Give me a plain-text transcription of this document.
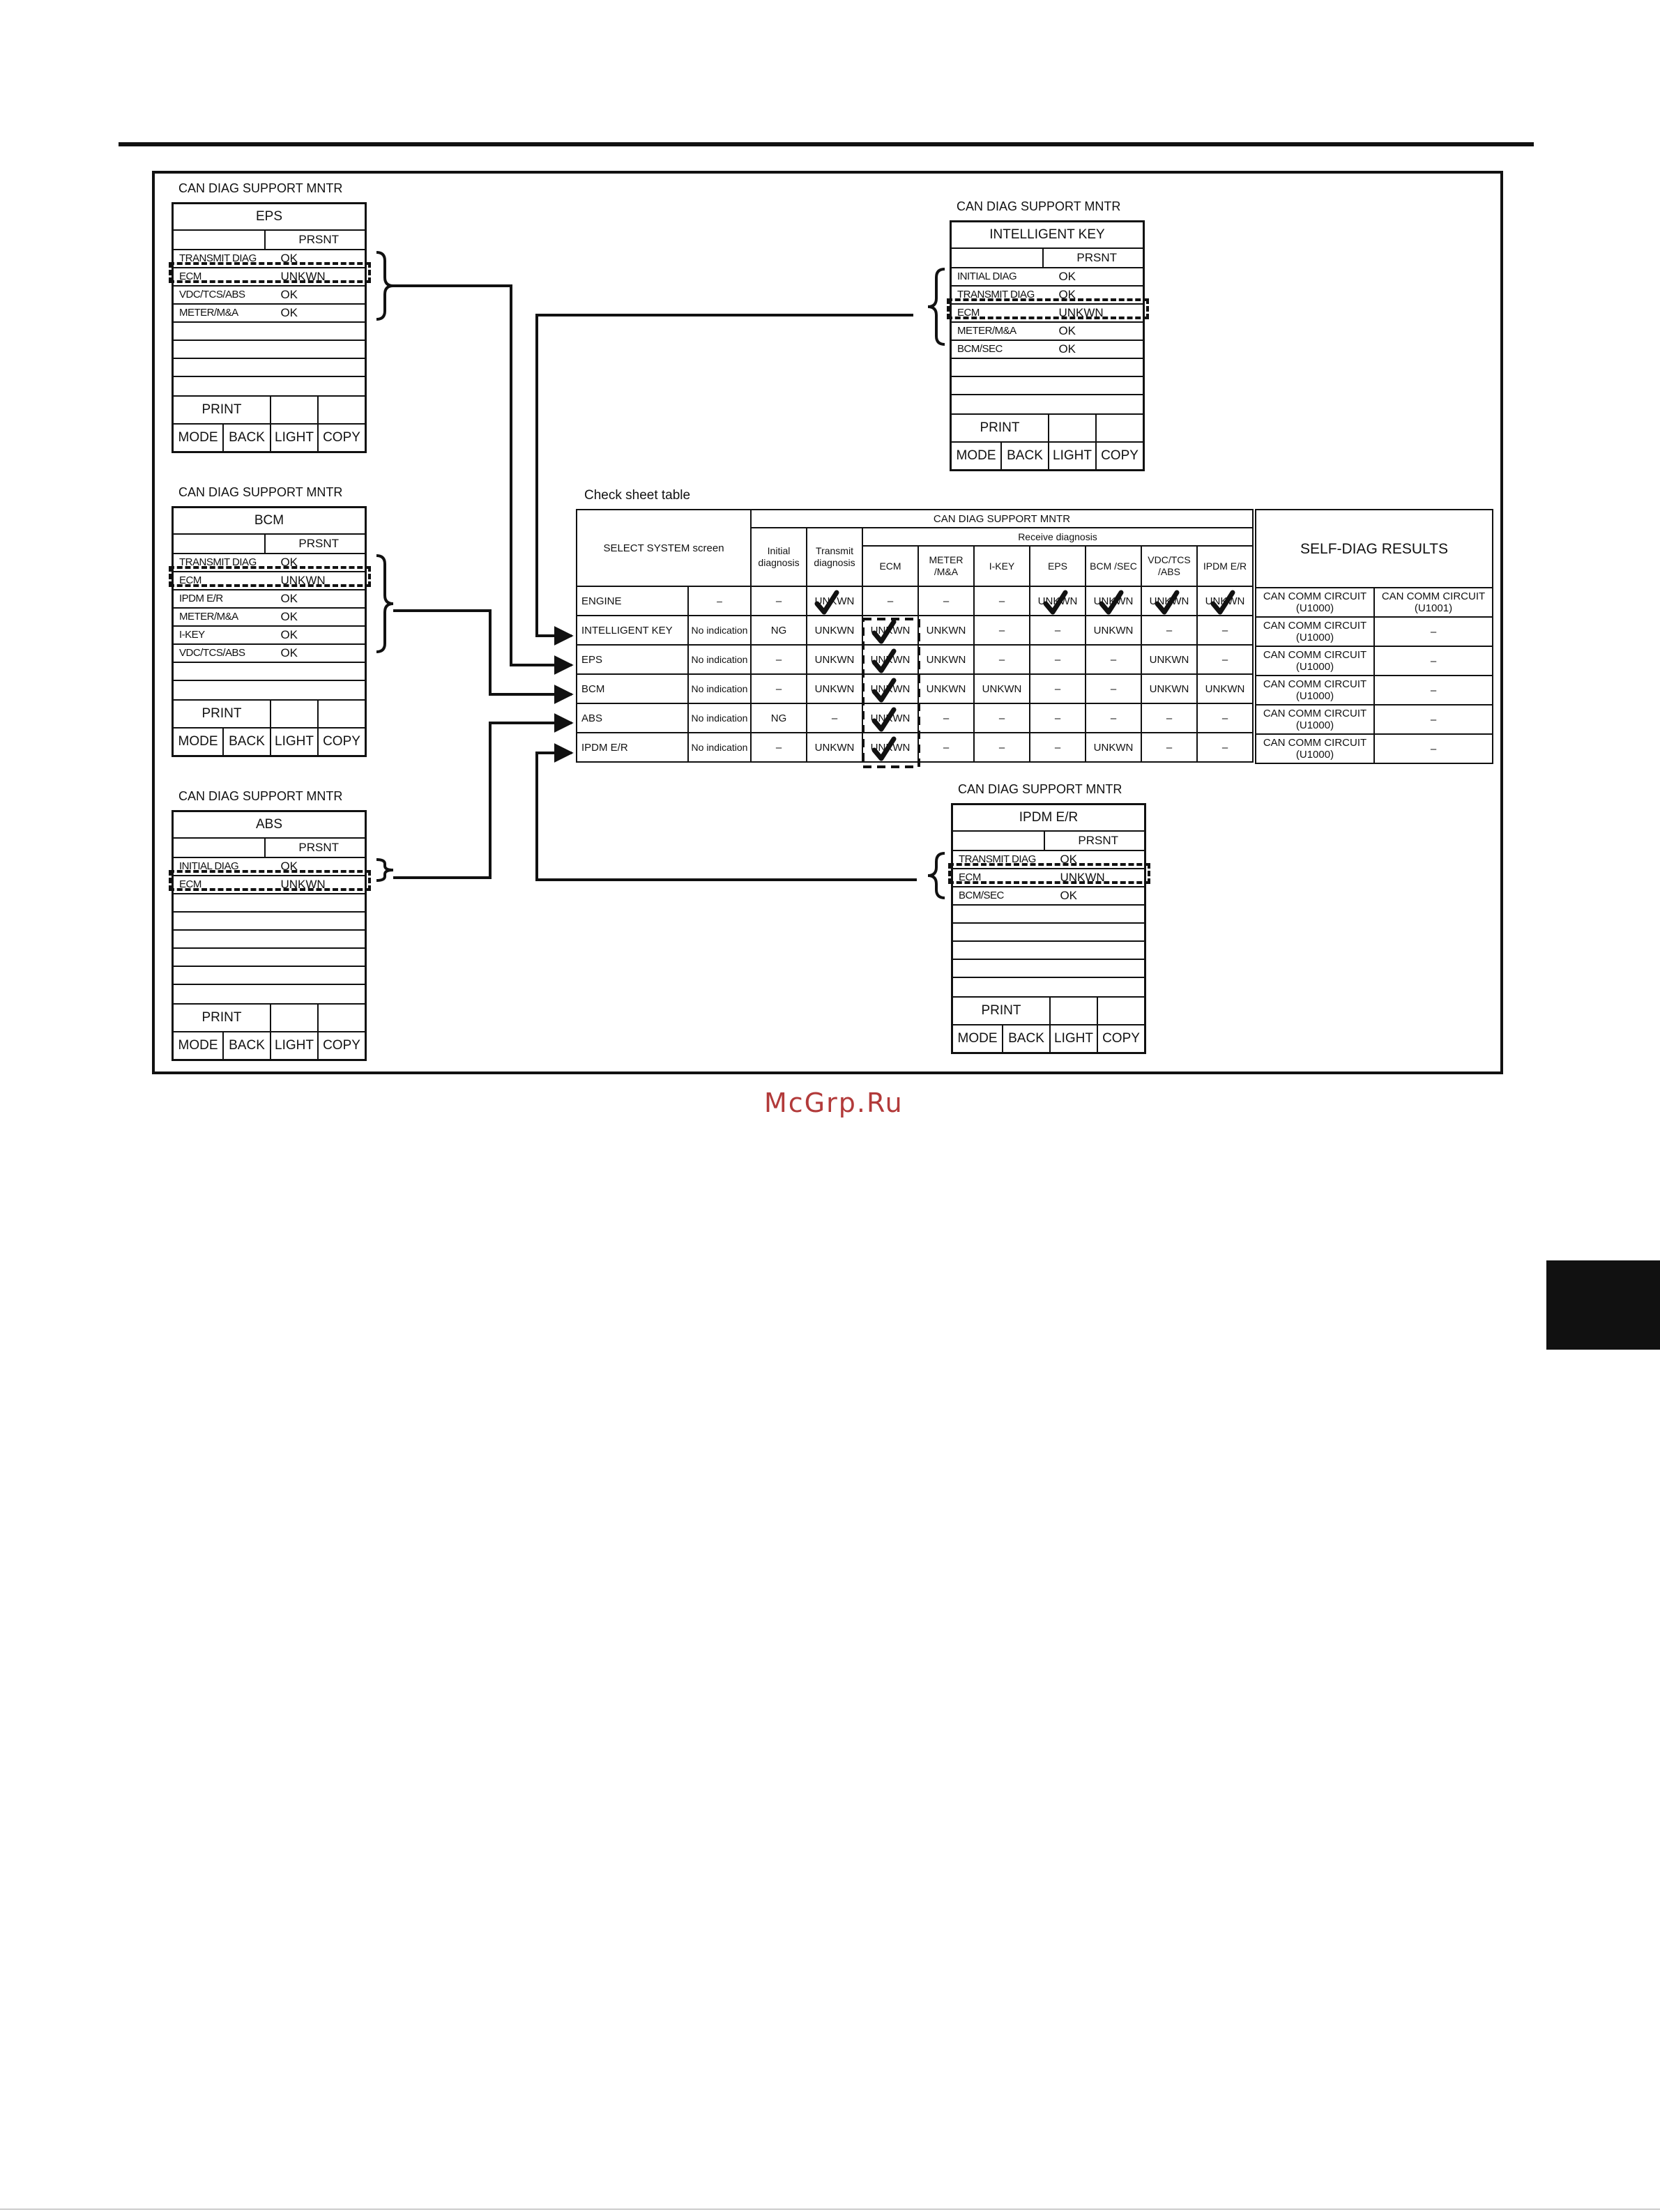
CAN DIAG SUPPORT MNTR
EPS
PRSNT
TRANSMIT DIAG OK
ECM	UNKWN
VDC/TCS/ABS	OK
METER/M&A	OK
PRINT
MODE BACK LIGHT COPY
CAN DIAG SUPPORT MNTR
BCM
PRSNT
TRANSMIT DIAG OK
ECM	UNKWN
IPDM E/R	OK
METER/M&A	OK
I-KEY	OK
VDC/TCS/ABS	OK
PRINT
MODE BACK LIGHT COPY
CAN DIAG SUPPORT MNTR
ABS
PRSNT
INITIAL DIAG	OK
ECM	UNKWN
PRINT
MODE BACK LIGHT COPY
CAN DIAG SUPPORT MNTR
INTELLIGENT KEY
PRSNT
INITIAL DIAG	OK
TRANSMIT DIAG OK
ECM	UNKWN
METER/M&A	OK
BCM/SEC	OK
PRINT
MODE BACK LIGHT COPY
CAN DIAG SUPPORT MNTR
IPDM E/R
PRSNT
TRANSMIT DIAG OK
ECM	UNKWN
BCM/SEC	OK
PRINT
MODE BACK LIGHT COPY
Check sheet table
SELECT SYSTEM screen		CAN DIAG SUPPORT MNTR								
		Initial diagnosis	Transmit diagnosis	Receive diagnosis						
				ECM	METER /M&A	I-KEY	EPS	BCM /SEC	VDC/TCS /ABS	IPDM E/R
ENGINE	–	–	UNKWN	–	–	–	UNKWN	UNKWN	UNKWN	UNKWN
INTELLIGENT KEY	No indication	NG	UNKWN	UNKWN	UNKWN	–	–	UNKWN	–	–
EPS	No indication	–	UNKWN	UNKWN	UNKWN	–	–	–	UNKWN	–
BCM	No indication	–	UNKWN	UNKWN	UNKWN	UNKWN	–	–	UNKWN	UNKWN
ABS	No indication	NG	–	UNKWN	–	–	–	–	–	–
IPDM E/R	No indication	–	UNKWN	UNKWN	–	–	–	UNKWN	–	–
SELF-DIAG RESULTS	
CAN COMM CIRCUIT (U1000)	CAN COMM CIRCUIT (U1001)
CAN COMM CIRCUIT (U1000)	–
CAN COMM CIRCUIT (U1000)	–
CAN COMM CIRCUIT (U1000)	–
CAN COMM CIRCUIT (U1000)	–
CAN COMM CIRCUIT (U1000)	–
McGrp.Ru
